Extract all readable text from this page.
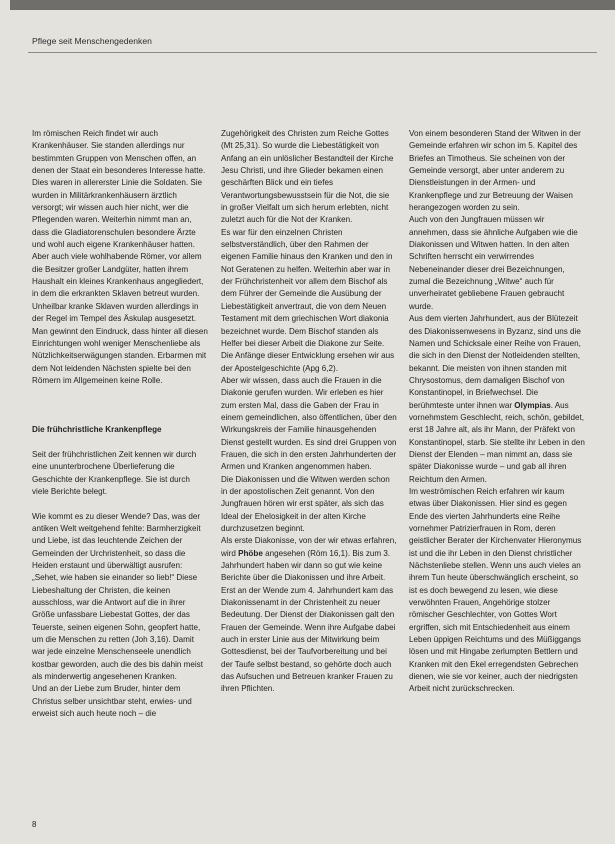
Pflege seit Menschengedenken

Im römischen Reich findet wir auch Krankenhäuser. Sie standen allerdings nur bestimmten Gruppen von Menschen offen, an denen der Staat ein besonderes Interesse hatte. Dies waren in allererster Linie die Soldaten. Sie wurden in Militärkrankenhäusern ärztlich versorgt; wir wissen auch hier nicht, wer die Pflegenden waren. Weiterhin nimmt man an, dass die Gladiatorenschulen besondere Ärzte und wohl auch eigene Krankenhäuser hatten. Aber auch viele wohlhabende Römer, vor allem die Besitzer großer Landgüter, hatten ihrem Haushalt ein kleines Krankenhaus angegliedert, in dem die erkrankten Sklaven betreut wurden. Unheilbar kranke Sklaven wurden allerdings in der Regel im Tempel des Äskulap ausgesetzt. Man gewinnt den Eindruck, dass hinter all diesen Einrichtungen wohl weniger Menschenliebe als Nützlichkeitserwägungen standen. Erbarmen mit dem Not leidenden Nächsten spielte bei den Römern im Allgemeinen keine Rolle.

Die frühchristliche Krankenpflege

Seit der frühchristlichen Zeit kennen wir durch eine ununterbrochene Überlieferung die Geschichte der Krankenpflege. Sie ist durch viele Berichte belegt.

Wie kommt es zu dieser Wende? Das, was der antiken Welt weitgehend fehlte: Barmherzigkeit und Liebe, ist das leuchtende Zeichen der Gemeinden der Urchristenheit, so dass die Heiden erstaunt und überwältigt ausrufen: „Sehet, wie haben sie einander so lieb!“ Diese Liebeshaltung der Christen, die keinen ausschloss, war die Antwort auf die in ihrer Größe unfassbare Liebestat Gottes, der das Teuerste, seinen eigenen Sohn, geopfert hatte, um die Menschen zu retten (Joh 3,16). Damit war jede einzelne Menschenseele unendlich kostbar geworden, auch die des bis dahin meist als minderwertig angesehenen Kranken.

Und an der Liebe zum Bruder, hinter dem Christus selber unsichtbar steht, erwies- und erweist sich auch heute noch – die

Zugehörigkeit des Christen zum Reiche Gottes (Mt 25,31). So wurde die Liebestätigkeit von Anfang an ein unlöslicher Bestandteil der Kirche Jesu Christi, und ihre Glieder bekamen einen geschärften Blick und ein tiefes Verantwortungsbewusstsein für die Not, die sie in großer Vielfalt um sich herum erlebten, nicht zuletzt auch für die Not der Kranken.

Es war für den einzelnen Christen selbstverständlich, über den Rahmen der eigenen Familie hinaus den Kranken und den in Not Geratenen zu helfen. Weiterhin aber war in der Frühchristenheit vor allem dem Bischof als dem Führer der Gemeinde die Ausübung der Liebestätigkeit anvertraut, die von dem Neuen Testament mit dem griechischen Wort diakonia bezeichnet wurde. Dem Bischof standen als Helfer bei dieser Arbeit die Diakone zur Seite. Die Anfänge dieser Entwicklung ersehen wir aus der Apostelgeschichte (Apg 6,2).

Aber wir wissen, dass auch die Frauen in die Diakonie gerufen wurden. Wir erleben es hier zum ersten Mal, dass die Gaben der Frau in einem gemeindlichen, also öffentlichen, über den Wirkungskreis der Familie hinausgehenden Dienst gestellt wurden. Es sind drei Gruppen von Frauen, die sich in den ersten Jahrhunderten der Armen und Kranken angenommen haben.

Die Diakonissen und die Witwen werden schon in der apostolischen Zeit genannt. Von den Jungfrauen hören wir erst später, als sich das Ideal der Ehelosigkeit in der alten Kirche durchzusetzen beginnt.

Als erste Diakonisse, von der wir etwas erfahren, wird Phöbe angesehen (Röm 16,1). Bis zum 3. Jahrhundert haben wir dann so gut wie keine Berichte über die Diakonissen und ihre Arbeit. Erst an der Wende zum 4. Jahrhundert kam das Diakonissenamt in der Christenheit zu neuer Bedeutung. Der Dienst der Diakonissen galt den Frauen der Gemeinde. Wenn ihre Aufgabe dabei auch in erster Linie aus der Mitwirkung beim Gottesdienst, bei der Taufvorbereitung und bei der Taufe selbst bestand, so gehörte doch auch das Aufsuchen und Betreuen kranker Frauen zu ihren Pflichten.

Von einem besonderen Stand der Witwen in der Gemeinde erfahren wir schon im 5. Kapitel des Briefes an Timotheus. Sie scheinen von der Gemeinde versorgt, aber unter anderem zu Dienstleistungen in der Armen- und Krankenpflege und zur Betreuung der Waisen herangezogen worden zu sein.

Auch von den Jungfrauen müssen wir annehmen, dass sie ähnliche Aufgaben wie die Diakonissen und Witwen hatten. In den alten Schriften herrscht ein verwirrendes Nebeneinander dieser drei Bezeichnungen, zumal die Bezeichnung „Witwe“ auch für unverheiratet gebliebene Frauen gebraucht wurde.

Aus dem vierten Jahrhundert, aus der Blütezeit des Diakonissenwesens in Byzanz, sind uns die Namen und Schicksale einer Reihe von Frauen, die sich in den Dienst der Notleidenden stellten, bekannt. Die meisten von ihnen standen mit Chrysostomus, dem damaligen Bischof von Konstantinopel, in Briefwechsel. Die berühmteste unter ihnen war Olympias. Aus vornehmstem Geschlecht, reich, schön, gebildet, erst 18 Jahre alt, als ihr Mann, der Präfekt von Konstantinopel, starb. Sie stellte ihr Leben in den Dienst der Elenden – man nimmt an, dass sie später Diakonisse wurde – und gab all ihren Reichtum den Armen.

Im weströmischen Reich erfahren wir kaum etwas über Diakonissen. Hier sind es gegen Ende des vierten Jahrhunderts eine Reihe vornehmer Patrizierfrauen in Rom, deren geistlicher Berater der Kirchenvater Hieronymus ist und die ihr Leben in den Dienst christlicher Nächstenliebe stellen. Wenn uns auch vieles an ihrem Tun heute überschwänglich erscheint, so ist es doch bewegend zu lesen, wie diese verwöhnten Frauen, Angehörige stolzer römischer Geschlechter, von Gottes Wort ergriffen, sich mit Entschiedenheit aus einem Leben üppigen Reichtums und des Müßiggangs lösen und mit Hingabe zerlumpten Bettlern und Kranken mit den Ekel erregendsten Gebrechen dienen, wie sie vor keiner, auch der niedrigsten Arbeit nicht zurückschrecken.

8
